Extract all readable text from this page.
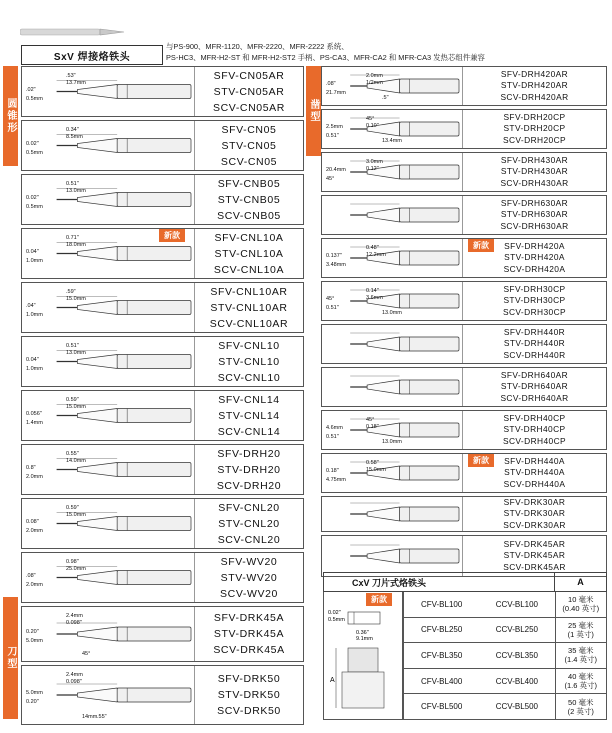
SxV 焊接烙铁头
与PS-900、MFR-1120、MFR-2220、MFR-2222 系统、
PS-HC3、MFR-H2-ST 和 MFR-H2-ST2 手柄、PS-CA3、MFR-CA2 和 MFR-CA3 发热芯组件兼容
圆锥形
刀型
凿型
.53"
13.7mm
.02"
0.5mm
SFV-CN05AR
STV-CN05AR
SCV-CN05AR
0.34"
8.5mm
0.02"
0.5mm
SFV-CN05
STV-CN05
SCV-CN05
0.51"
13.0mm
0.02"
0.5mm
SFV-CNB05
STV-CNB05
SCV-CNB05
0.71"
18.0mm
0.04"
1.0mm
SFV-CNL10A
STV-CNL10A
SCV-CNL10A
新款
.59"
15.0mm
.04"
1.0mm
SFV-CNL10AR
STV-CNL10AR
SCV-CNL10AR
0.51"
13.0mm
0.04"
1.0mm
SFV-CNL10
STV-CNL10
SCV-CNL10
0.59"
15.0mm
0.056"
1.4mm
SFV-CNL14
STV-CNL14
SCV-CNL14
0.55"
14.0mm
0.8"
2.0mm
SFV-DRH20
STV-DRH20
SCV-DRH20
0.59"
15.0mm
0.08"
2.0mm
SFV-CNL20
STV-CNL20
SCV-CNL20
0.98"
25.0mm
.08"
2.0mm
SFV-WV20
STV-WV20
SCV-WV20
2.4mm
0.098"
0.20"
5.0mm
45°
SFV-DRK45A
STV-DRK45A
SCV-DRK45A
2.4mm
0.098"
5.0mm
0.20"
14mm .55"
SFV-DRK50
STV-DRK50
SCV-DRK50
2.0mm
1/2mm
.08"
21.7mm
.5"
SFV-DRH420AR
STV-DRH420AR
SCV-DRH420AR
45°
0.10"
2.5mm
0.51"
13.4mm
SFV-DRH20CP
STV-DRH20CP
SCV-DRH20CP
3.0mm
0.12"
20.4mm
45°
SFV-DRH430AR
STV-DRH430AR
SCV-DRH430AR
SFV-DRH630AR
STV-DRH630AR
SCV-DRH630AR
0.48"
12.2mm
0.137"
3.48mm
SFV-DRH420A
STV-DRH420A
SCV-DRH420A
新款
0.14"
3.6mm
45°
0.51"
13.0mm
SFV-DRH30CP
STV-DRH30CP
SCV-DRH30CP
SFV-DRH440R
STV-DRH440R
SCV-DRH440R
SFV-DRH640AR
STV-DRH640AR
SCV-DRH640AR
45°
0.18"
4.6mm
0.51"
13.0mm
SFV-DRH40CP
STV-DRH40CP
SCV-DRH40CP
0.58"
15.0mm
0.18"
4.75mm
SFV-DRH440A
STV-DRH440A
SCV-DRH440A
新款
SFV-DRK30AR
STV-DRK30AR
SCV-DRK30AR
SFV-DRK45AR
STV-DRK45AR
SCV-DRK45AR
CxV 刀片式烙铁头	A
0.02"
0.5mm
0.36"
9.1mm
A
CFV-BL100	CCV-BL100	10 毫米
(0.40 英寸)
CFV-BL250	CCV-BL250	25 毫米
(1 英寸)
CFV-BL350	CCV-BL350	35 毫米
(1.4 英寸)
CFV-BL400	CCV-BL400	40 毫米
(1.6 英寸)
CFV-BL500	CCV-BL500	50 毫米
(2 英寸)
新款
